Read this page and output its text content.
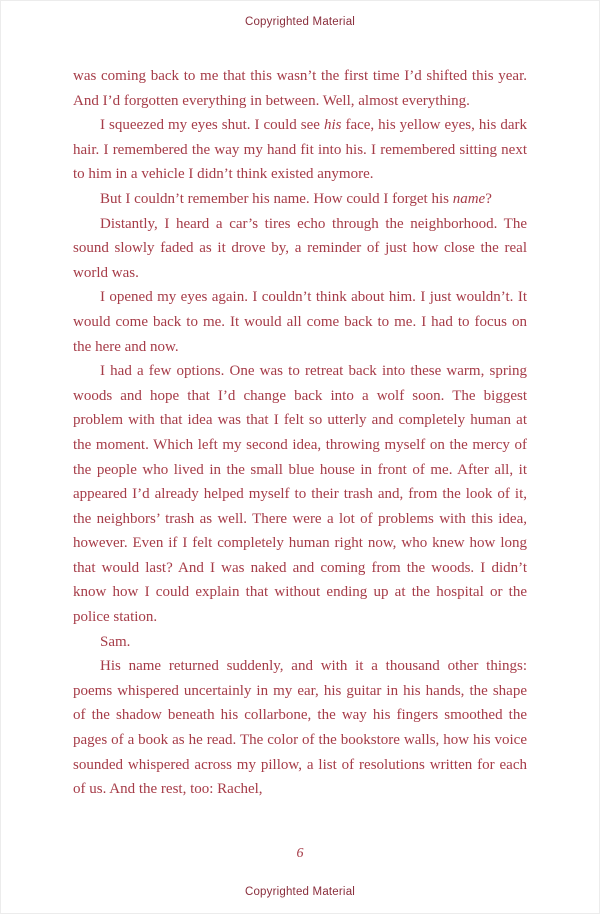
Copyrighted Material

was coming back to me that this wasn’t the first time I’d shifted this year. And I’d forgotten everything in between. Well, almost everything.

I squeezed my eyes shut. I could see his face, his yellow eyes, his dark hair. I remembered the way my hand fit into his. I remembered sitting next to him in a vehicle I didn’t think existed anymore.

But I couldn’t remember his name. How could I forget his name?

Distantly, I heard a car’s tires echo through the neighborhood. The sound slowly faded as it drove by, a reminder of just how close the real world was.

I opened my eyes again. I couldn’t think about him. I just wouldn’t. It would come back to me. It would all come back to me. I had to focus on the here and now.

I had a few options. One was to retreat back into these warm, spring woods and hope that I’d change back into a wolf soon. The biggest problem with that idea was that I felt so utterly and completely human at the moment. Which left my second idea, throwing myself on the mercy of the people who lived in the small blue house in front of me. After all, it appeared I’d already helped myself to their trash and, from the look of it, the neighbors’ trash as well. There were a lot of problems with this idea, however. Even if I felt completely human right now, who knew how long that would last? And I was naked and coming from the woods. I didn’t know how I could explain that without ending up at the hospital or the police station.

Sam.

His name returned suddenly, and with it a thousand other things: poems whispered uncertainly in my ear, his guitar in his hands, the shape of the shadow beneath his collarbone, the way his fingers smoothed the pages of a book as he read. The color of the bookstore walls, how his voice sounded whispered across my pillow, a list of resolutions written for each of us. And the rest, too: Rachel,

6
Copyrighted Material
